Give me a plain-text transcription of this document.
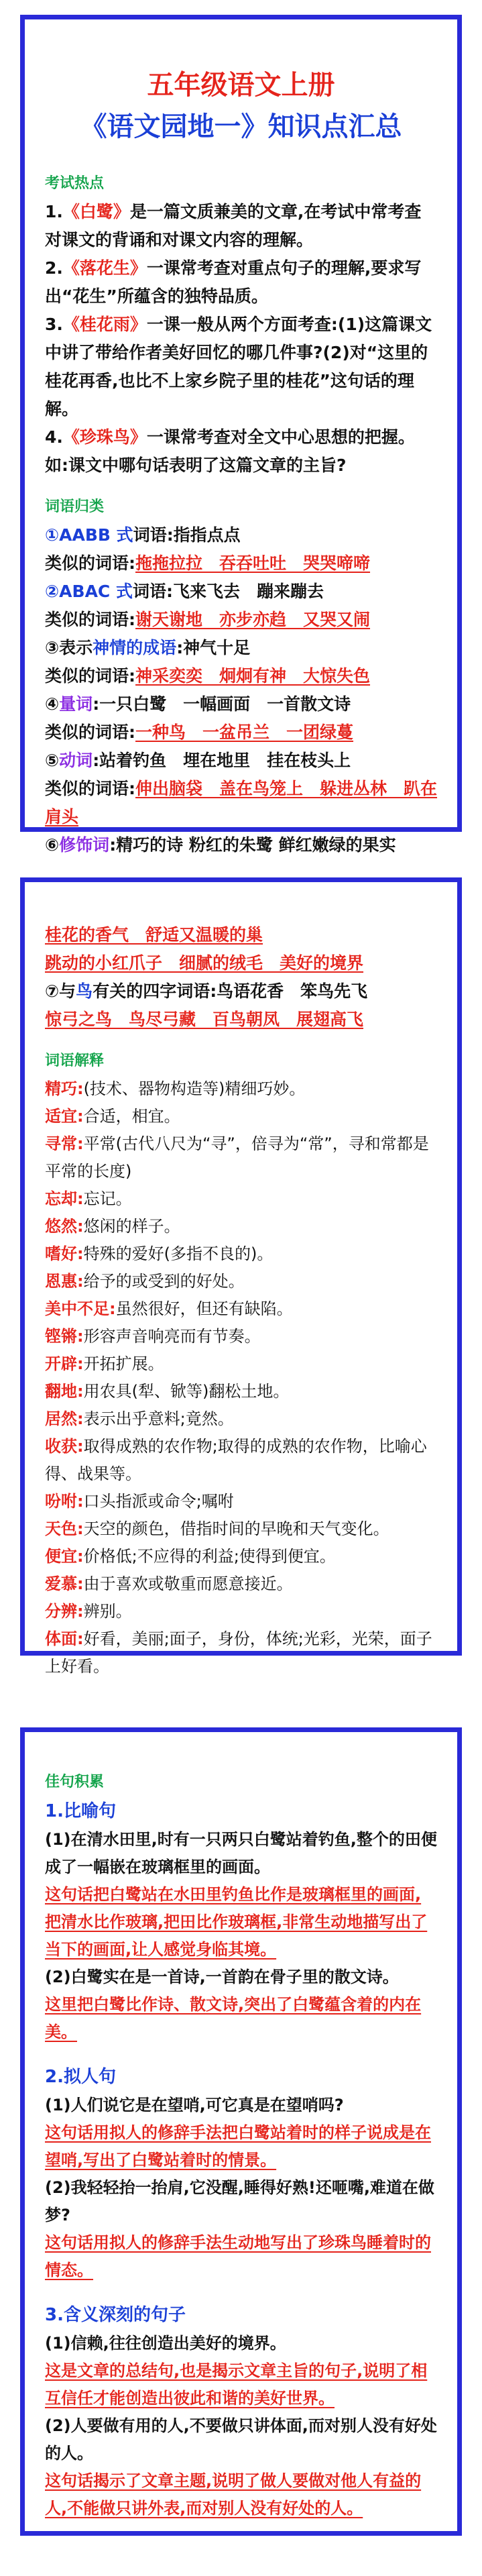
五年级语文上册
《语文园地一》知识点汇总
考试热点

1.《白鹭》是一篇文质兼美的文章,在考试中常考查对课文的背诵和对课文内容的理解。

2.《落花生》一课常考查对重点句子的理解,要求写出“花生”所蕴含的独特品质。

3.《桂花雨》一课一般从两个方面考查:(1)这篇课文中讲了带给作者美好回忆的哪几件事?(2)对“这里的桂花再香,也比不上家乡院子里的桂花”这句话的理解。

4.《珍珠鸟》一课常考查对全文中心思想的把握。如:课文中哪句话表明了这篇文章的主旨?

词语归类

①AABB 式词语:指指点点

类似的词语:拖拖拉拉　吞吞吐吐　哭哭啼啼

②ABAC 式词语:飞来飞去　蹦来蹦去

类似的词语:谢天谢地　亦步亦趋　又哭又闹

③表示神情的成语:神气十足

类似的词语:神采奕奕　炯炯有神　大惊失色

④量词:一只白鹭　一幅画面　一首散文诗

类似的词语:一种鸟　一盆吊兰　一团绿蔓

⑤动词:站着钓鱼　埋在地里　挂在枝头上

类似的词语:伸出脑袋　盖在鸟笼上　躲进丛林　趴在肩头

⑥修饰词:精巧的诗 粉红的朱鹭 鲜红嫩绿的果实

桂花的香气　舒适又温暖的巢

跳动的小红爪子　细腻的绒毛　美好的境界

⑦与鸟有关的四字词语:鸟语花香　笨鸟先飞

惊弓之鸟　鸟尽弓藏　百鸟朝凤　展翅高飞

词语解释

精巧:(技术、器物构造等)精细巧妙。

适宜:合适，相宜。

寻常:平常(古代八尺为“寻”，倍寻为“常”，寻和常都是平常的长度)

忘却:忘记。

悠然:悠闲的样子。

嗜好:特殊的爱好(多指不良的)。

恩惠:给予的或受到的好处。

美中不足:虽然很好，但还有缺陷。

铿锵:形容声音响亮而有节奏。

开辟:开拓扩展。

翻地:用农具(犁、锨等)翻松土地。

居然:表示出乎意料;竟然。

收获:取得成熟的农作物;取得的成熟的农作物，比喻心得、战果等。

吩咐:口头指派或命令;嘱咐

天色:天空的颜色，借指时间的早晚和天气变化。

便宜:价格低;不应得的利益;使得到便宜。

爱慕:由于喜欢或敬重而愿意接近。

分辨:辨别。

体面:好看，美丽;面子，身份，体统;光彩，光荣，面子上好看。

佳句积累
1.比喻句

(1)在清水田里,时有一只两只白鹭站着钓鱼,整个的田便成了一幅嵌在玻璃框里的画面。

这句话把白鹭站在水田里钓鱼比作是玻璃框里的画面,把清水比作玻璃,把田比作玻璃框,非常生动地描写出了当下的画面,让人感觉身临其境。

(2)白鹭实在是一首诗,一首韵在骨子里的散文诗。

这里把白鹭比作诗、散文诗,突出了白鹭蕴含着的内在美。

2.拟人句

(1)人们说它是在望哨,可它真是在望哨吗?

这句话用拟人的修辞手法把白鹭站着时的样子说成是在望哨,写出了白鹭站着时的情景。

(2)我轻轻抬一抬肩,它没醒,睡得好熟!还咂嘴,难道在做梦?

这句话用拟人的修辞手法生动地写出了珍珠鸟睡着时的情态。

3.含义深刻的句子

(1)信赖,往往创造出美好的境界。

这是文章的总结句,也是揭示文章主旨的句子,说明了相互信任才能创造出彼此和谐的美好世界。

(2)人要做有用的人,不要做只讲体面,而对别人没有好处的人。

这句话揭示了文章主题,说明了做人要做对他人有益的人,不能做只讲外表,而对别人没有好处的人。
